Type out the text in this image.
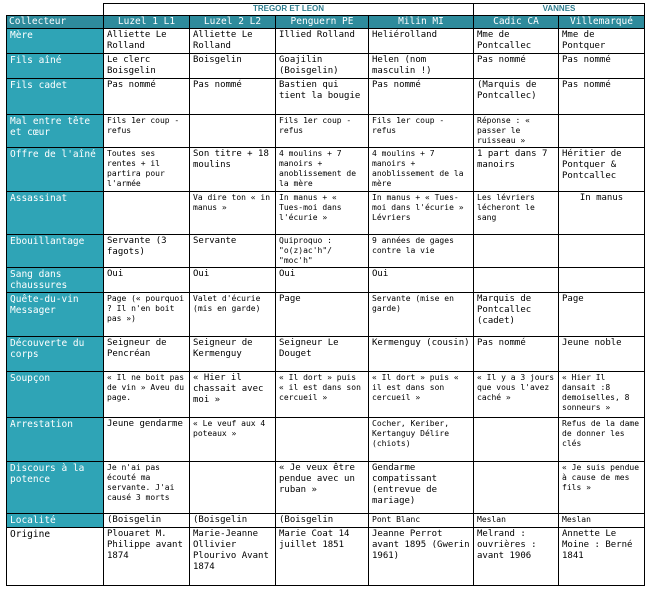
	TREGOR ET LEON				VANNES	
Collecteur	Luzel 1 L1	Luzel 2 L2	Penguern PE	Milin MI	Cadic CA	Villemarqué
Mère	Alliette Le Rolland	Alliette Le Rolland	Illied Rolland	Heliérolland	Mme de Pontcallec	Mme de Pontquer
Fils aîné	Le clerc Boisgelin	Boisgelin	Goajilin (Boisgelin)	Helen (nom masculin !)	Pas nommé	Pas nommé
Fils cadet	Pas nommé	Pas nommé	Bastien qui tient la bougie	Pas nommé	(Marquis de Pontcallec)	Pas nommé
Mal entre tête et cœur	Fils 1er coup -refus		Fils 1er coup - refus	Fils 1er coup - refus	Réponse : « passer le ruisseau »	
Offre de l'aîné	Toutes ses rentes + il partira pour l'armée	Son titre + 18 moulins	4 moulins + 7 manoirs + anoblissement de la mère	4 moulins + 7 manoirs + anoblissement de la mère	1 part dans 7 manoirs	Héritier de Pontquer & Pontcallec
Assassinat		Va dire ton « in manus »	In manus + « Tues-moi dans l'écurie »	In manus + « Tues-moi dans l'écurie » Lévriers	Les lévriers lécheront le sang	In manus
Ebouillantage	Servante (3 fagots)	Servante	Quiproquo : "o(z)ac'h"/ "moc'h"	9 années de gages contre la vie		
Sang dans chaussures	Oui	Oui	Oui	Oui		
Quête-du-vin Messager	Page (« pourquoi ? Il n'en boit pas »)	Valet d'écurie (mis en garde)	Page	Servante (mise en garde)	Marquis de Pontcallec (cadet)	Page
Découverte du corps	Seigneur de Pencréan	Seigneur de Kermenguy	Seigneur Le Douget	Kermenguy (cousin)	Pas nommé	Jeune noble
Soupçon	« Il ne boit pas de vin » Aveu du page.	« Hier il chassait avec moi »	« Il dort » puis « il est dans son cercueil »	« Il dort » puis « il est dans son cercueil »	« Il y a 3 jours que vous l'avez caché »	« Hier Il dansait :8 demoiselles, 8 sonneurs »
Arrestation	Jeune gendarme	« Le veuf aux 4 poteaux »		Cocher, Keriber, Kertanguy Délire (chiots)		Refus de la dame de donner les clés
Discours à la potence	Je n'ai pas écouté ma servante. J'ai causé 3 morts		« Je veux être pendue avec un ruban »	Gendarme compatissant (entrevue de mariage)		« Je suis pendue à cause de mes fils »
Localité	(Boisgelin	(Boisgelin	(Boisgelin	Pont Blanc	Meslan	Meslan
Origine	Plouaret M. Philippe avant 1874	Marie-Jeanne Ollivier Plourivo Avant 1874	Marie Coat 14 juillet 1851	Jeanne Perrot avant 1895 (Gwerin 1961)	Melrand : ouvrières : avant 1906	Annette Le Moine : Berné 1841
